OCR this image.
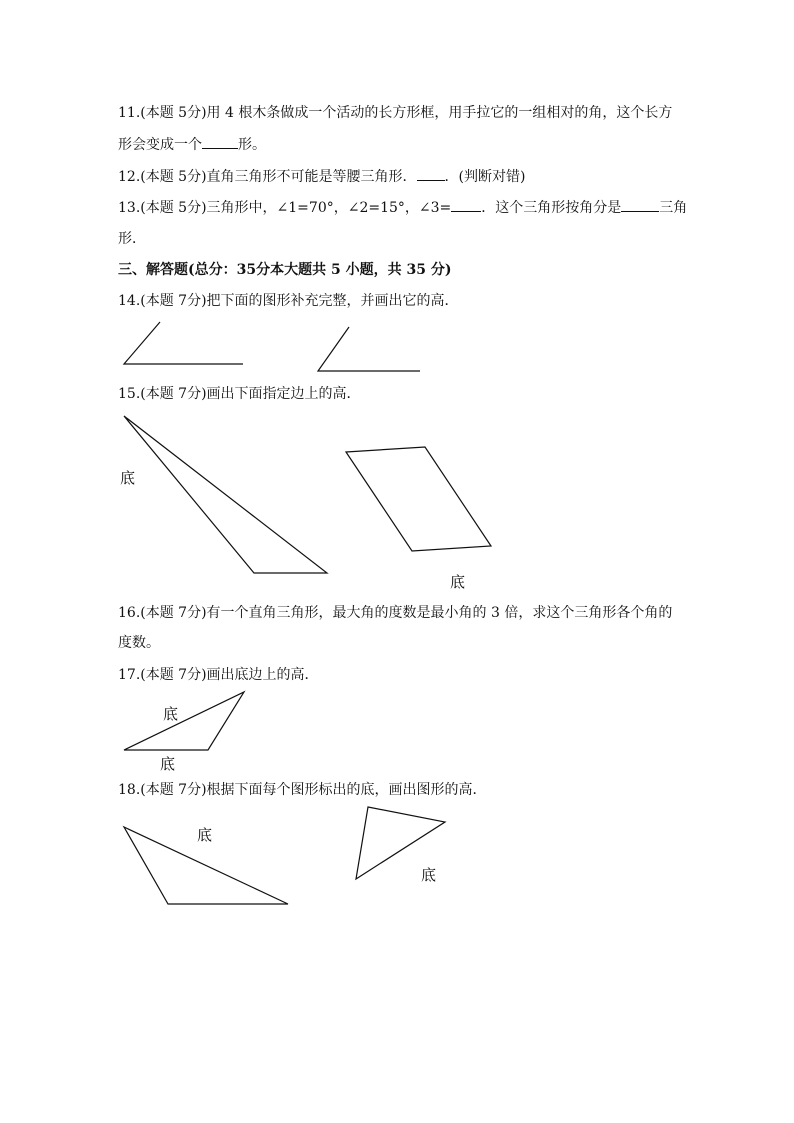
11.(本题 5分)用 4 根木条做成一个活动的长方形框，用手拉它的一组相对的角，这个长方
形会变成一个	形。
12.(本题 5分)直角三角形不可能是等腰三角形． ．(判断对错)
13.(本题 5分)三角形中，∠1=70°，∠2=15°，∠3= ．这个三角形按角分是	三角
形．
三、解答题(总分：35分本大题共 5 小题，共 35 分)
14.(本题 7分)把下面的图形补充完整，并画出它的高．
15.(本题 7分)画出下面指定边上的高．
底
底
16.(本题 7分)有一个直角三角形，最大角的度数是最小角的 3 倍，求这个三角形各个角的
度数。
17.(本题 7分)画出底边上的高．
底
底
18.(本题 7分)根据下面每个图形标出的底，画出图形的高．
底
底
